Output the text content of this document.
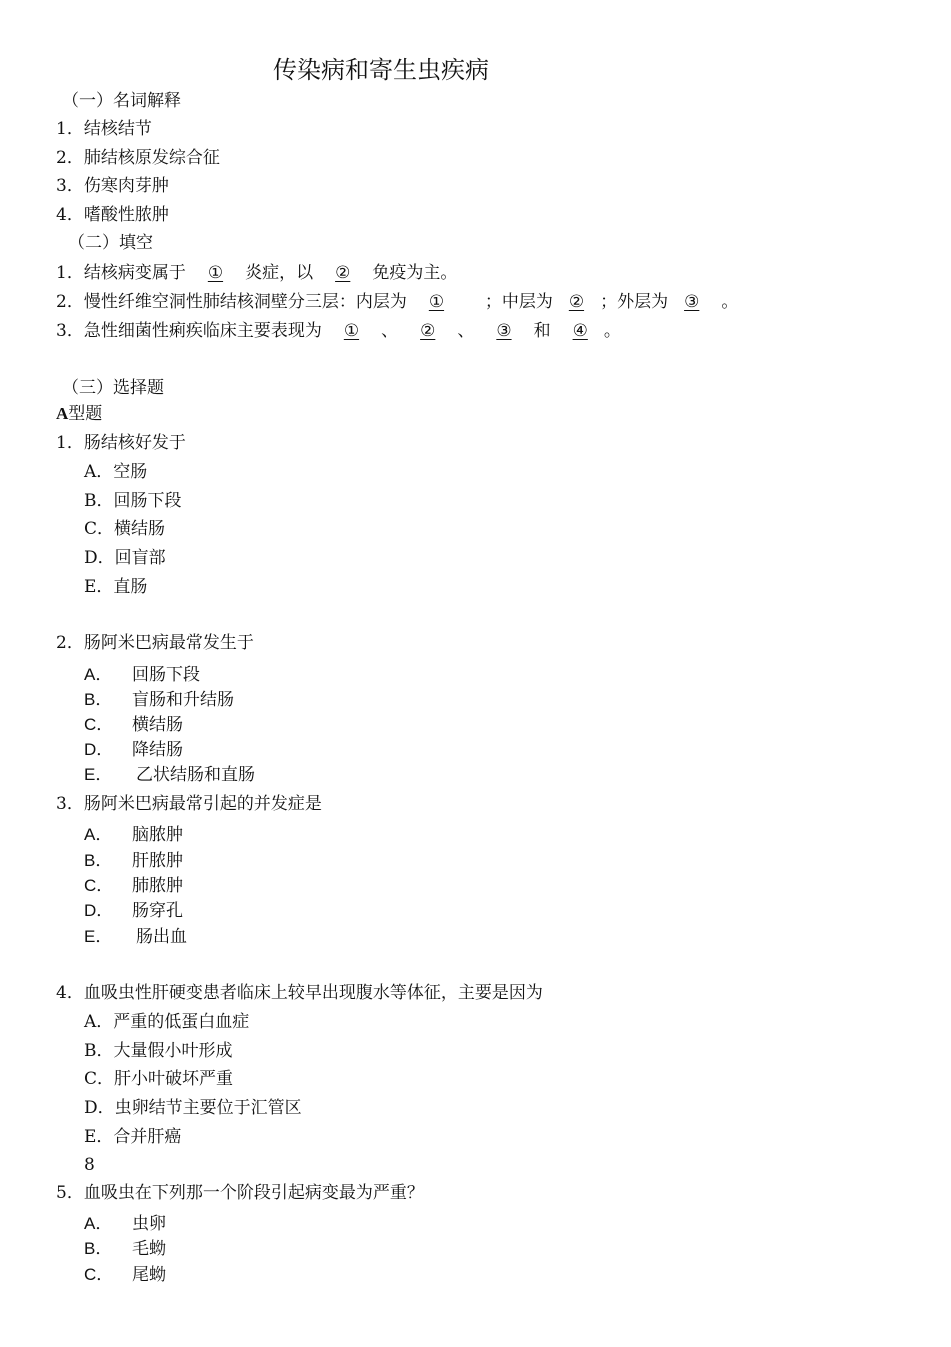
传染病和寄生虫疾病
（一）名词解释
1．结核结节
2．肺结核原发综合征
3．伤寒肉芽肿
4．嗜酸性脓肿
（二）填空
1．结核病变属于 ① 炎症，以 ② 免疫为主。
2．慢性纤维空洞性肺结核洞壁分三层：内层为 ① ；中层为 ② ；外层为 ③ 。
3．急性细菌性痢疾临床主要表现为 ① 、 ② 、 ③ 和 ④ 。
（三）选择题
A型题
1．肠结核好发于
A．空肠
B．回肠下段
C．横结肠
D．回盲部
E．直肠
2．肠阿米巴病最常发生于
A． 回肠下段
B． 盲肠和升结肠
C． 横结肠
D． 降结肠
E． 乙状结肠和直肠
3．肠阿米巴病最常引起的并发症是
A． 脑脓肿
B． 肝脓肿
C． 肺脓肿
D． 肠穿孔
E． 肠出血
4．血吸虫性肝硬变患者临床上较早出现腹水等体征，主要是因为
A．严重的低蛋白血症
B．大量假小叶形成
C．肝小叶破坏严重
D．虫卵结节主要位于汇管区
E．合并肝癌
8
5．血吸虫在下列那一个阶段引起病变最为严重？
A． 虫卵
B． 毛蚴
C． 尾蚴
